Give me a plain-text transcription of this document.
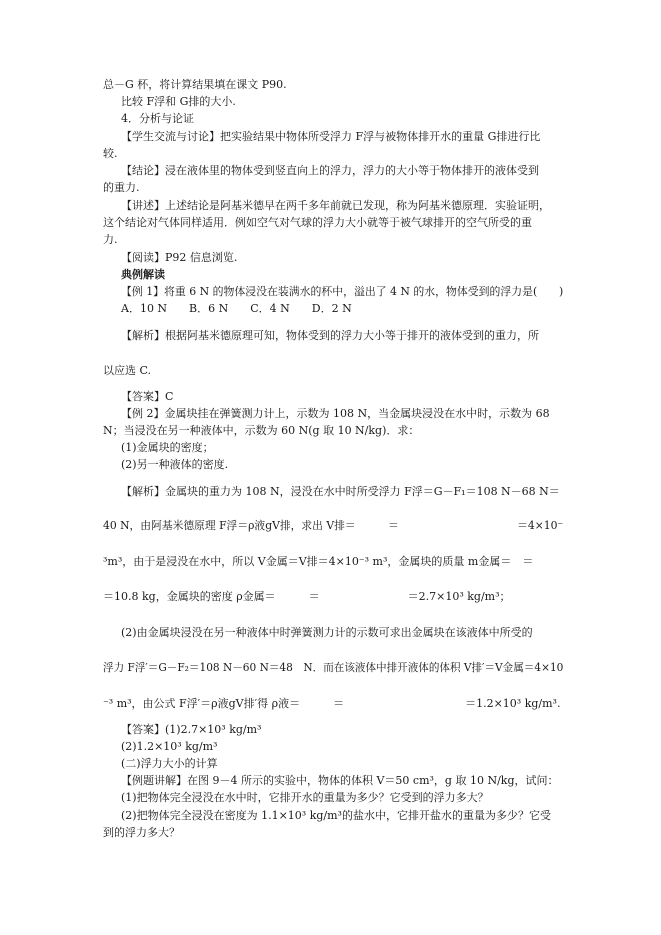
总－G 杯，将计算结果填在课文 P90.
比较 F浮和 G排的大小.
4．分析与论证
【学生交流与讨论】把实验结果中物体所受浮力 F浮与被物体排开水的重量 G排进行比
较.
【结论】浸在液体里的物体受到竖直向上的浮力，浮力的大小等于物体排开的液体受到
的重力.
【讲述】上述结论是阿基米德早在两千多年前就已发现，称为阿基米德原理．实验证明，
这个结论对气体同样适用．例如空气对气球的浮力大小就等于被气球排开的空气所受的重
力.
【阅读】P92 信息浏览.
典例解读
【例 1】将重 6 N 的物体浸没在装满水的杯中，溢出了 4 N 的水，物体受到的浮力是(　　)
A．10 N　　B．6 N　　C．4 N　　D．2 N
【解析】根据阿基米德原理可知，物体受到的浮力大小等于排开的液体受到的重力，所
以应选 C.
【答案】C
【例 2】金属块挂在弹簧测力计上，示数为 108 N，当金属块浸没在水中时，示数为 68
N；当浸没在另一种液体中，示数为 60 N(g 取 10 N/kg)．求：
(1)金属块的密度；
(2)另一种液体的密度.
【解析】金属块的重力为 108 N，浸没在水中时所受浮力 F浮＝G－F₁＝108 N－68 N＝
40 N，由阿基米德原理 F浮＝ρ液gV排，求出 V排＝　　　＝　　　　　　　　　　　＝4×10⁻
³m³，由于是浸没在水中，所以 V金属＝V排＝4×10⁻³ m³，金属块的质量 m金属＝　＝
＝10.8 kg，金属块的密度 ρ金属＝　　　＝　　　　　　　　＝2.7×10³ kg/m³；
(2)由金属块浸没在另一种液体中时弹簧测力计的示数可求出金属块在该液体中所受的
浮力 F浮′＝G－F₂＝108 N－60 N＝48　N．而在该液体中排开液体的体积 V排′＝V金属＝4×10
⁻³ m³，由公式 F浮′＝ρ液gV排′得 ρ液＝　　　＝　　　　　　　　　　　＝1.2×10³ kg/m³.
【答案】(1)2.7×10³ kg/m³
(2)1.2×10³ kg/m³
(二)浮力大小的计算
【例题讲解】在图 9－4 所示的实验中，物体的体积 V＝50 cm³，g 取 10 N/kg，试问：
(1)把物体完全浸没在水中时，它排开水的重量为多少？它受到的浮力多大？
(2)把物体完全浸没在密度为 1.1×10³ kg/m³的盐水中，它排开盐水的重量为多少？它受
到的浮力多大？
